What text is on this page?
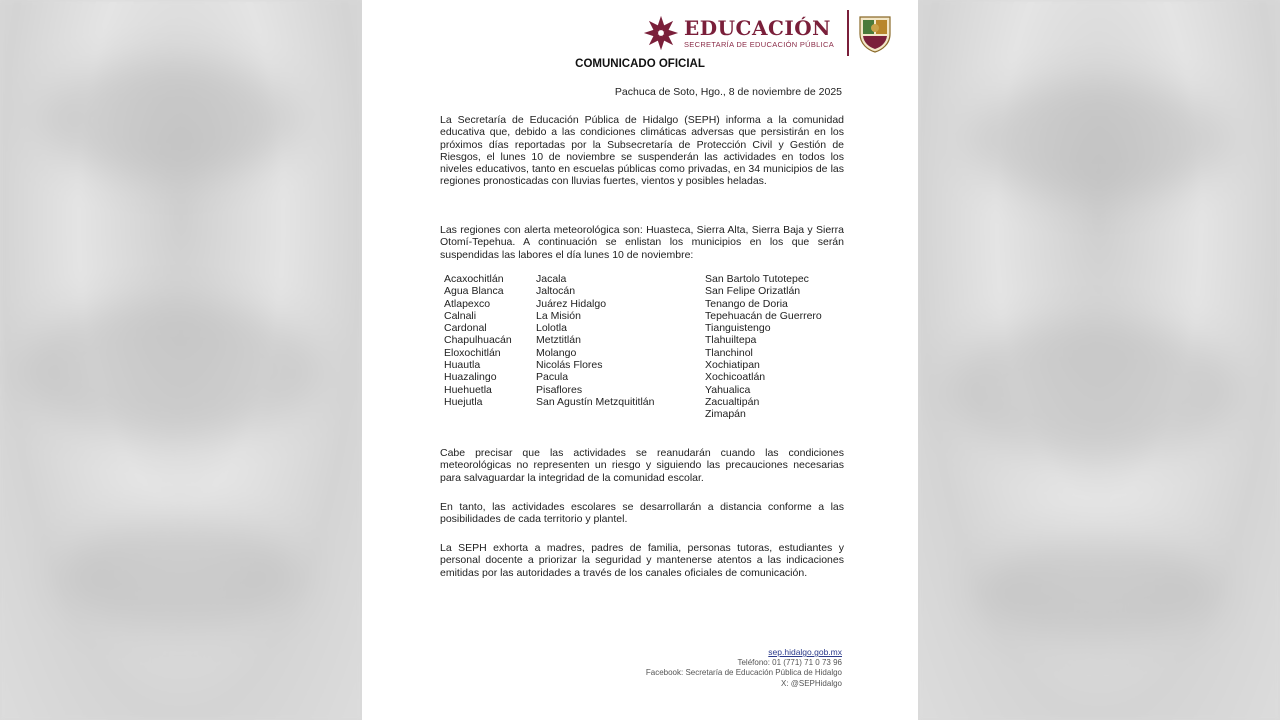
EDUCACIÓN
SECRETARÍA DE EDUCACIÓN PÚBLICA
COMUNICADO OFICIAL
Pachuca de Soto, Hgo., 8 de noviembre de 2025
La Secretaría de Educación Pública de Hidalgo (SEPH) informa a la comunidad educativa que, debido a las condiciones climáticas adversas que persistirán en los próximos días reportadas por la Subsecretaría de Protección Civil y Gestión de Riesgos, el lunes 10 de noviembre se suspenderán las actividades en todos los niveles educativos, tanto en escuelas públicas como privadas, en 34 municipios de las regiones pronosticadas con lluvias fuertes, vientos y posibles heladas.
Las regiones con alerta meteorológica son: Huasteca, Sierra Alta, Sierra Baja y Sierra Otomí-Tepehua. A continuación se enlistan los municipios en los que serán suspendidas las labores el día lunes 10 de noviembre:
Acaxochitlán
Agua Blanca
Atlapexco
Calnali
Cardonal
Chapulhuacán
Eloxochitlán
Huautla
Huazalingo
Huehuetla
Huejutla
Jacala
Jaltocán
Juárez Hidalgo
La Misión
Lolotla
Metztitlán
Molango
Nicolás Flores
Pacula
Pisaflores
San Agustín Metzquititlán
San Bartolo Tutotepec
San Felipe Orizatlán
Tenango de Doria
Tepehuacán de Guerrero
Tianguistengo
Tlahuiltepa
Tlanchinol
Xochiatipan
Xochicoatlán
Yahualica
Zacualtipán
Zimapán
Cabe precisar que las actividades se reanudarán cuando las condiciones meteorológicas no representen un riesgo y siguiendo las precauciones necesarias para salvaguardar la integridad de la comunidad escolar.
En tanto, las actividades escolares se desarrollarán a distancia conforme a las posibilidades de cada territorio y plantel.
La SEPH exhorta a madres, padres de familia, personas tutoras, estudiantes y personal docente a priorizar la seguridad y mantenerse atentos a las indicaciones emitidas por las autoridades a través de los canales oficiales de comunicación.
sep.hidalgo.gob.mx
Teléfono: 01 (771) 71 0 73 96
Facebook: Secretaría de Educación Pública de Hidalgo
X: @SEPHidalgo
